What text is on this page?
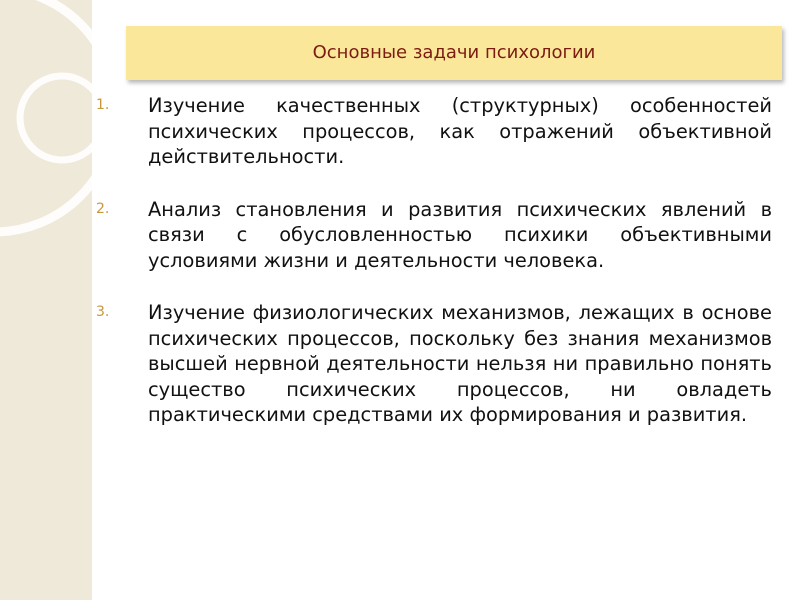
Основные задачи психологии
1. Изучение качественных (структурных) особенностей психических процессов, как отражений объективной действительности.
2. Анализ становления и развития психических явлений в связи с обусловленностью психики объективными условиями жизни и деятельности человека.
3. Изучение физиологических механизмов, лежащих в основе психических процессов, поскольку без знания механизмов высшей нервной деятельности нельзя ни правильно понять существо психических процессов, ни овладеть практическими средствами их формирования и развития.
